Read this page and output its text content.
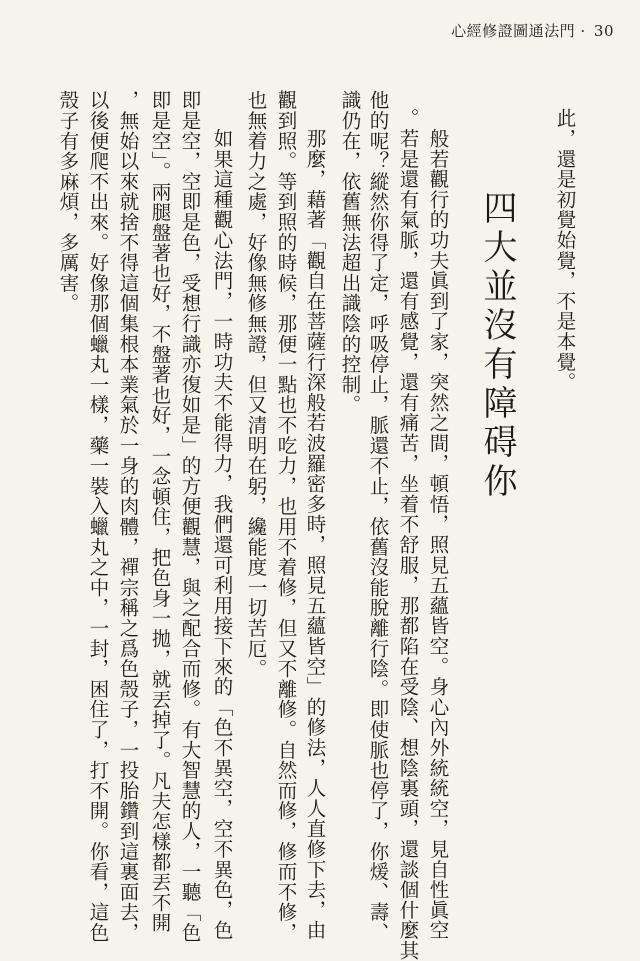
心經修證圖通法門 · 30
四大並沒有障碍你 此，還是初覺始覺，不是本覺。
　般若觀行的功夫眞到了家，突然之間，頓悟，照見五蘊皆空。身心內外統統空，見自性眞空
。若是還有氣脈，還有感覺，還有痛苦，坐着不舒服，那都陷在受陰、想陰裏頭，還談個什麼其
他的呢？縱然你得了定，呼吸停止，脈還不止，依舊沒能脫離行陰。即使脈也停了，你煖、壽、
識仍在，依舊無法超出識陰的控制。
　那麼，藉著「觀自在菩薩行深般若波羅密多時，照見五蘊皆空」的修法，人人直修下去，由
觀到照。等到照的時候，那便一點也不吃力，也用不着修，但又不離修。自然而修，修而不修，
也無着力之處，好像無修無證，但又清明在躬，纔能度一切苦厄。
　如果這種觀心法門，一時功夫不能得力，我們還可利用接下來的「色不異空，空不異色，色
即是空，空即是色，受想行識亦復如是」的方便觀慧，與之配合而修。有大智慧的人，一聽「色
即是空」。兩腿盤著也好，不盤著也好，一念頓住，把色身一拋，就丟掉了。凡夫怎樣都丟不開
，無始以來就捨不得這個集根本業氣於一身的肉體，禪宗稱之爲色殼子，一投胎鑽到這裏面去，
以後便爬不出來。好像那個蠟丸一樣，藥一裝入蠟丸之中，一封，困住了，打不開。你看，這色
殼子有多麻煩，多厲害。
